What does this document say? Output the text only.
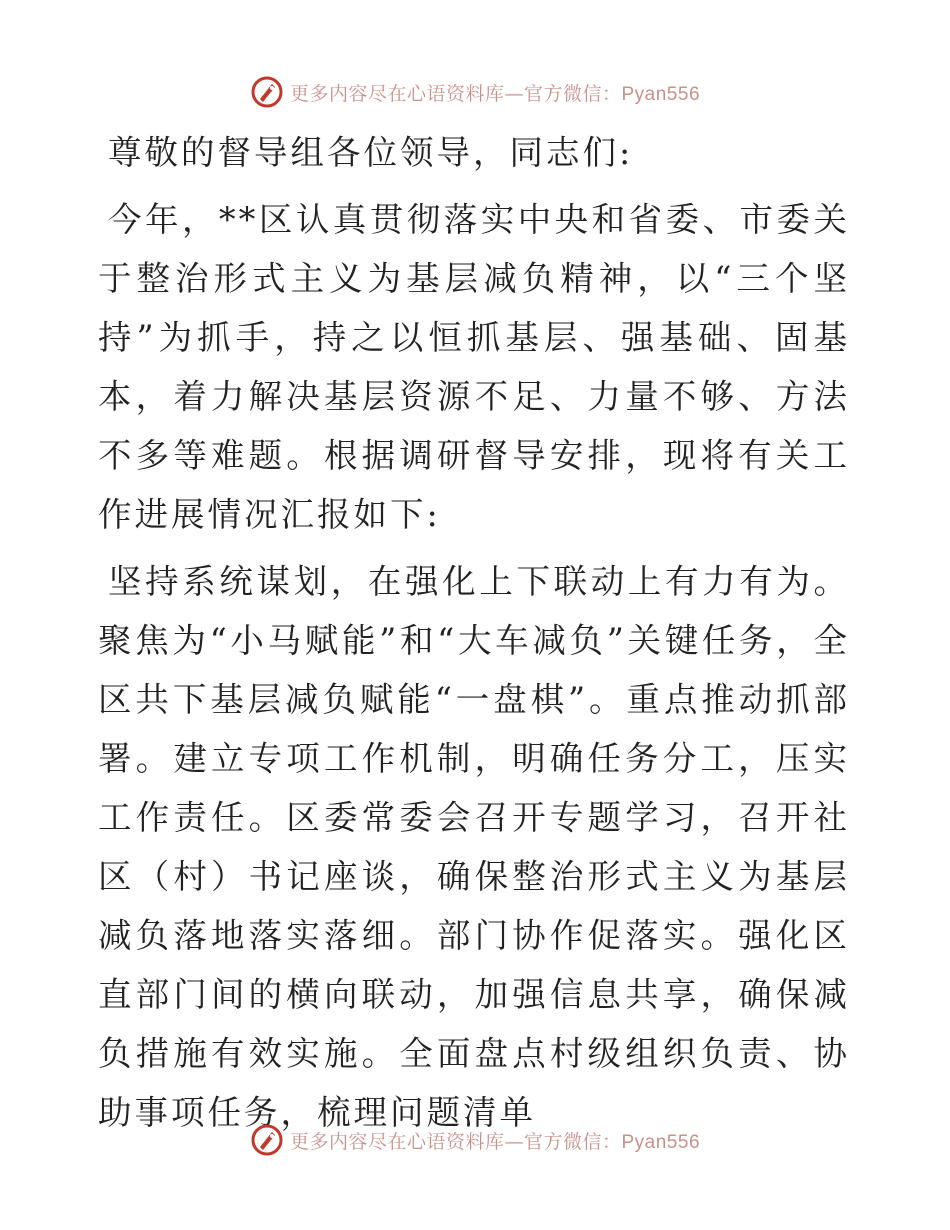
更多内容尽在心语资料库—官方微信：Pyan556

尊敬的督导组各位领导，同志们:

今年，**区认真贯彻落实中央和省委、市委关于整治形式主义为基层减负精神，以“三个坚持”为抓手，持之以恒抓基层、强基础、固基本，着力解决基层资源不足、力量不够、方法不多等难题。根据调研督导安排，现将有关工作进展情况汇报如下:

坚持系统谋划，在强化上下联动上有力有为。聚焦为“小马赋能”和“大车减负”关键任务，全区共下基层减负赋能“一盘棋”。重点推动抓部署。建立专项工作机制，明确任务分工，压实工作责任。区委常委会召开专题学习，召开社区（村）书记座谈，确保整治形式主义为基层减负落地落实落细。部门协作促落实。强化区直部门间的横向联动，加强信息共享，确保减负措施有效实施。全面盘点村级组织负责、协助事项任务，梳理问题清单

更多内容尽在心语资料库—官方微信：Pyan556
